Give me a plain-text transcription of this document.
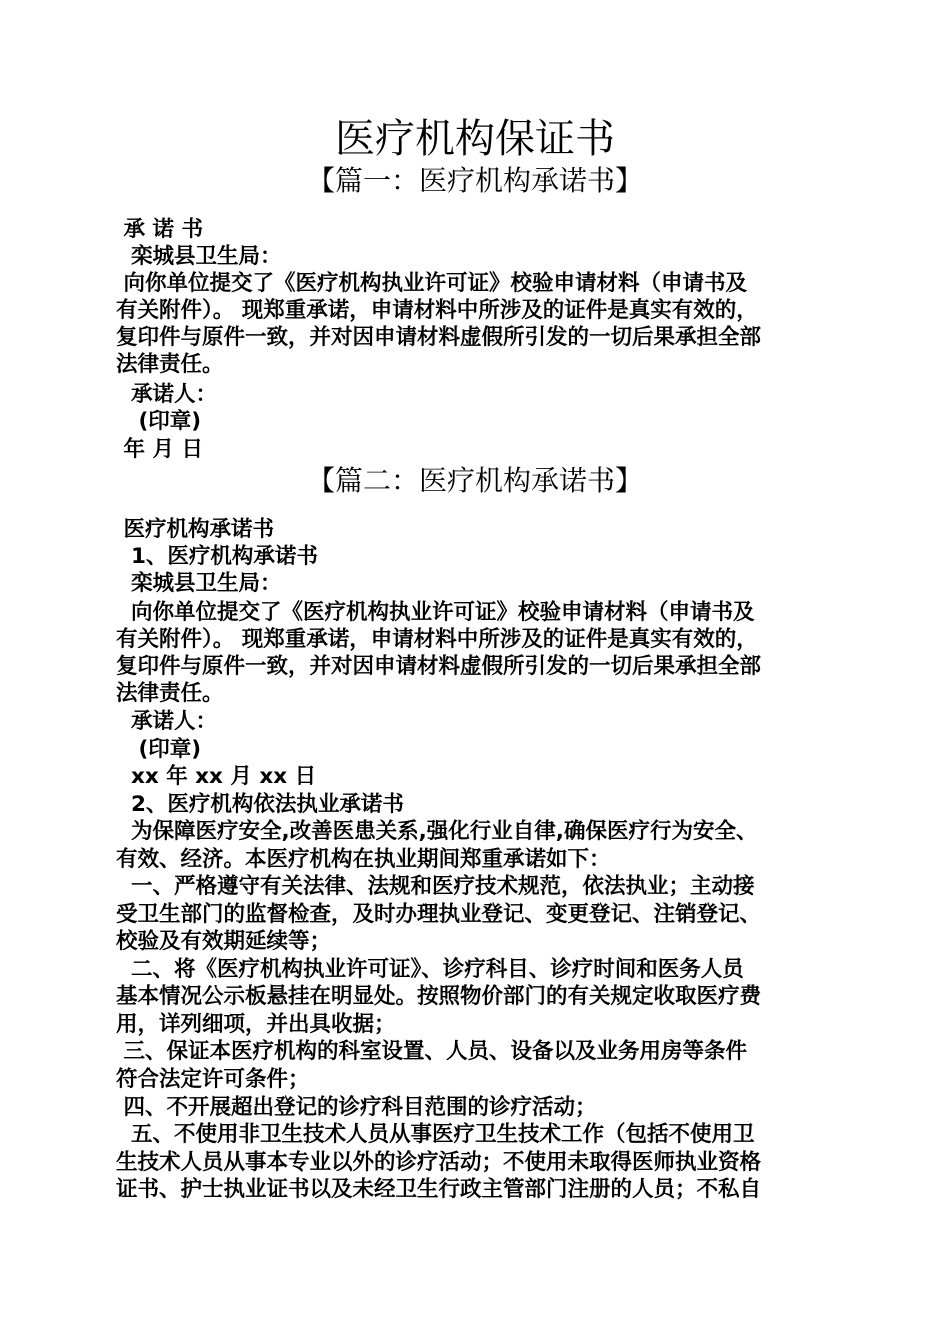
医疗机构保证书
【篇一：医疗机构承诺书】
承 诺 书
栾城县卫生局：
向你单位提交了《医疗机构执业许可证》校验申请材料（申请书及
有关附件）。 现郑重承诺，申请材料中所涉及的证件是真实有效的，
复印件与原件一致，并对因申请材料虚假所引发的一切后果承担全部
法律责任。
承诺人：
(印章)
年 月 日
【篇二：医疗机构承诺书】
医疗机构承诺书
1、医疗机构承诺书
栾城县卫生局：
向你单位提交了《医疗机构执业许可证》校验申请材料（申请书及
有关附件）。 现郑重承诺，申请材料中所涉及的证件是真实有效的，
复印件与原件一致，并对因申请材料虚假所引发的一切后果承担全部
法律责任。
承诺人：
(印章)
xx 年 xx 月 xx 日
2、医疗机构依法执业承诺书
为保障医疗安全,改善医患关系,强化行业自律,确保医疗行为安全、
有效、经济。本医疗机构在执业期间郑重承诺如下：
一、严格遵守有关法律、法规和医疗技术规范，依法执业；主动接
受卫生部门的监督检查，及时办理执业登记、变更登记、注销登记、
校验及有效期延续等；
二、将《医疗机构执业许可证》、诊疗科目、诊疗时间和医务人员
基本情况公示板悬挂在明显处。按照物价部门的有关规定收取医疗费
用，详列细项，并出具收据；
三、保证本医疗机构的科室设置、人员、设备以及业务用房等条件
符合法定许可条件；
四、不开展超出登记的诊疗科目范围的诊疗活动；
五、不使用非卫生技术人员从事医疗卫生技术工作（包括不使用卫
生技术人员从事本专业以外的诊疗活动；不使用未取得医师执业资格
证书、护士执业证书以及未经卫生行政主管部门注册的人员；不私自
